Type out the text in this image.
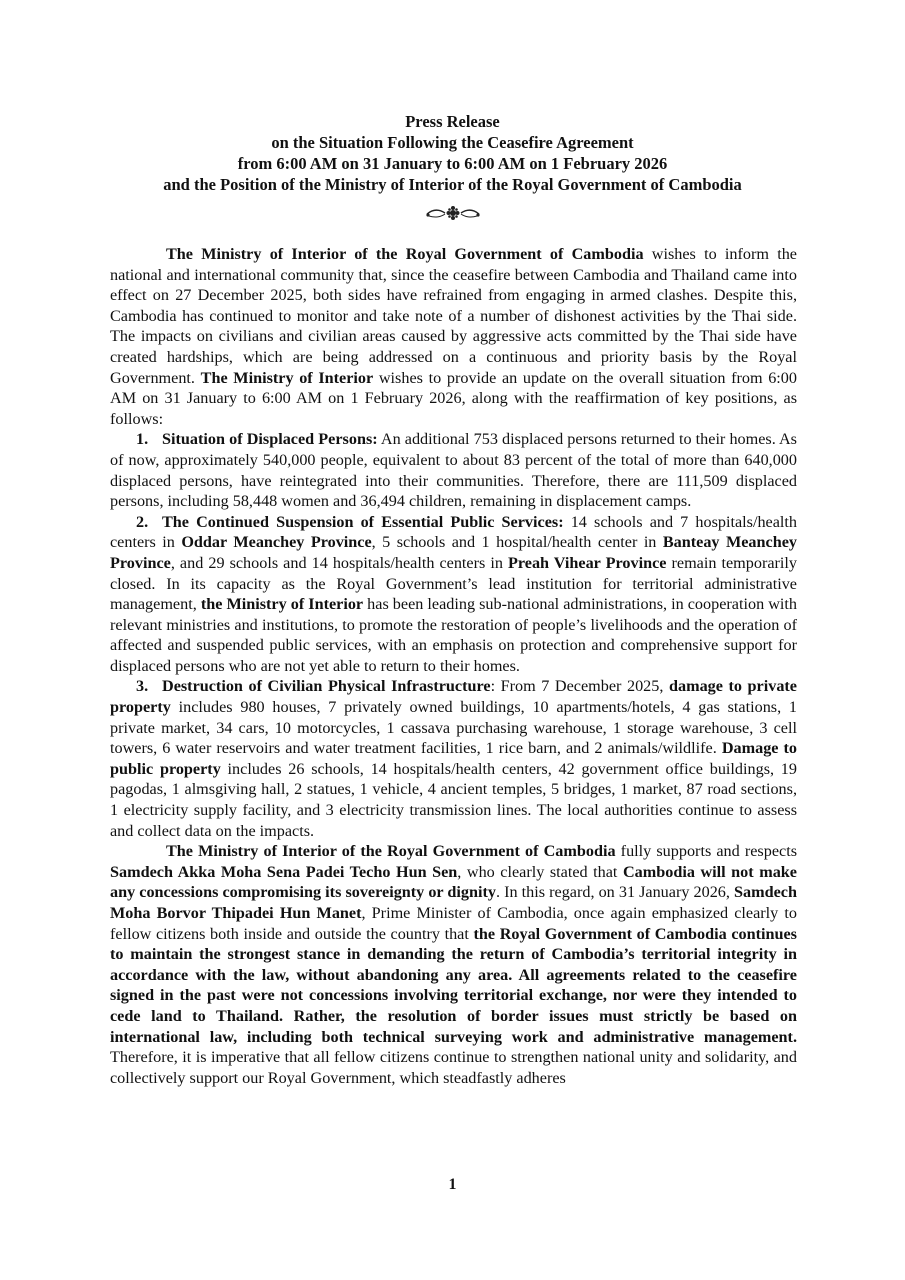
Press Release
on the Situation Following the Ceasefire Agreement
from 6:00 AM on 31 January to 6:00 AM on 1 February 2026
and the Position of the Ministry of Interior of the Royal Government of Cambodia

The Ministry of Interior of the Royal Government of Cambodia wishes to inform the national and international community that, since the ceasefire between Cambodia and Thailand came into effect on 27 December 2025, both sides have refrained from engaging in armed clashes. Despite this, Cambodia has continued to monitor and take note of a number of dishonest activities by the Thai side. The impacts on civilians and civilian areas caused by aggressive acts committed by the Thai side have created hardships, which are being addressed on a continuous and priority basis by the Royal Government. The Ministry of Interior wishes to provide an update on the overall situation from 6:00 AM on 31 January to 6:00 AM on 1 February 2026, along with the reaffirmation of key positions, as follows:

1. Situation of Displaced Persons: An additional 753 displaced persons returned to their homes. As of now, approximately 540,000 people, equivalent to about 83 percent of the total of more than 640,000 displaced persons, have reintegrated into their communities. Therefore, there are 111,509 displaced persons, including 58,448 women and 36,494 children, remaining in displacement camps.

2. The Continued Suspension of Essential Public Services: 14 schools and 7 hospitals/health centers in Oddar Meanchey Province, 5 schools and 1 hospital/health center in Banteay Meanchey Province, and 29 schools and 14 hospitals/health centers in Preah Vihear Province remain temporarily closed. In its capacity as the Royal Government’s lead institution for territorial administrative management, the Ministry of Interior has been leading sub-national administrations, in cooperation with relevant ministries and institutions, to promote the restoration of people’s livelihoods and the operation of affected and suspended public services, with an emphasis on protection and comprehensive support for displaced persons who are not yet able to return to their homes.

3. Destruction of Civilian Physical Infrastructure: From 7 December 2025, damage to private property includes 980 houses, 7 privately owned buildings, 10 apartments/hotels, 4 gas stations, 1 private market, 34 cars, 10 motorcycles, 1 cassava purchasing warehouse, 1 storage warehouse, 3 cell towers, 6 water reservoirs and water treatment facilities, 1 rice barn, and 2 animals/wildlife. Damage to public property includes 26 schools, 14 hospitals/health centers, 42 government office buildings, 19 pagodas, 1 almsgiving hall, 2 statues, 1 vehicle, 4 ancient temples, 5 bridges, 1 market, 87 road sections, 1 electricity supply facility, and 3 electricity transmission lines. The local authorities continue to assess and collect data on the impacts.

The Ministry of Interior of the Royal Government of Cambodia fully supports and respects Samdech Akka Moha Sena Padei Techo Hun Sen, who clearly stated that Cambodia will not make any concessions compromising its sovereignty or dignity. In this regard, on 31 January 2026, Samdech Moha Borvor Thipadei Hun Manet, Prime Minister of Cambodia, once again emphasized clearly to fellow citizens both inside and outside the country that the Royal Government of Cambodia continues to maintain the strongest stance in demanding the return of Cambodia’s territorial integrity in accordance with the law, without abandoning any area. All agreements related to the ceasefire signed in the past were not concessions involving territorial exchange, nor were they intended to cede land to Thailand. Rather, the resolution of border issues must strictly be based on international law, including both technical surveying work and administrative management. Therefore, it is imperative that all fellow citizens continue to strengthen national unity and solidarity, and collectively support our Royal Government, which steadfastly adheres

1
